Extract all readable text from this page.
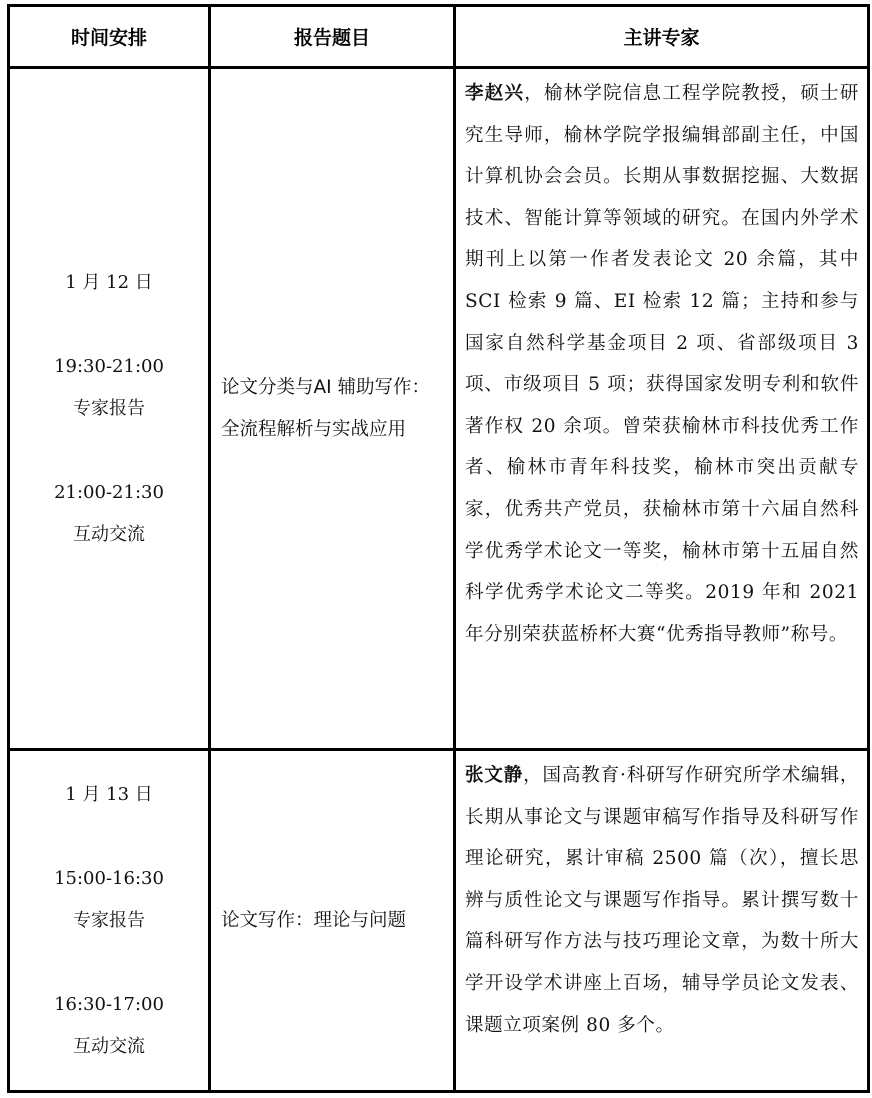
时间安排	报告题目	主讲专家

1 月 12 日
19:30-21:00
专家报告
21:00-21:30
互动交流
	论文分类与AI 辅助写作：全流程解析与实战应用	李赵兴，榆林学院信息工程学院教授，硕士研究生导师，榆林学院学报编辑部副主任，中国计算机协会会员。长期从事数据挖掘、大数据技术、智能计算等领域的研究。在国内外学术期刊上以第一作者发表论文 20 余篇，其中 SCI 检索 9 篇、EI 检索 12 篇；主持和参与国家自然科学基金项目 2 项、省部级项目 3 项、市级项目 5 项；获得国家发明专利和软件著作权 20 余项。曾荣获榆林市科技优秀工作者、榆林市青年科技奖，榆林市突出贡献专家，优秀共产党员，获榆林市第十六届自然科学优秀学术论文一等奖，榆林市第十五届自然科学优秀学术论文二等奖。2019 年和 2021 年分别荣获蓝桥杯大赛“优秀指导教师”称号。

1 月 13 日
15:00-16:30
专家报告
16:30-17:00
互动交流	论文写作：理论与问题	张文静，国高教育·科研写作研究所学术编辑，长期从事论文与课题审稿写作指导及科研写作理论研究，累计审稿 2500 篇（次），擅长思辨与质性论文与课题写作指导。累计撰写数十篇科研写作方法与技巧理论文章，为数十所大学开设学术讲座上百场，辅导学员论文发表、课题立项案例 80 多个。
